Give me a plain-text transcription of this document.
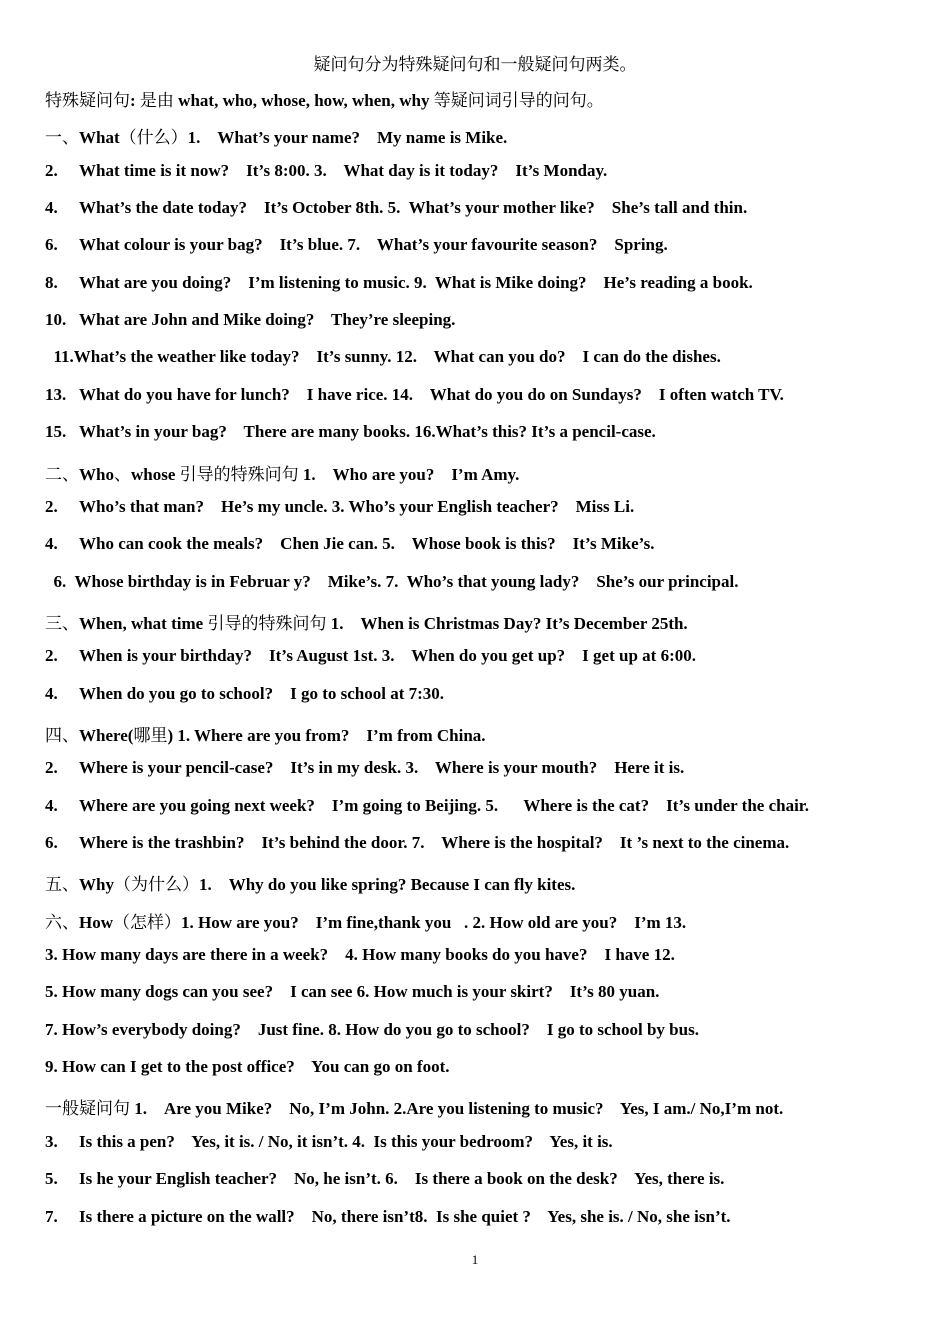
疑问句分为特殊疑问句和一般疑问句两类。
特殊疑问句: 是由 what, who, whose, how, when, why 等疑问词引导的问句。
一、What（什么）1.    What’s your name?    My name is Mike.
2. What time is it now?    It’s 8:00. 3.    What day is it today?    It’s Monday.
4. What’s the date today?    It’s October 8th. 5.  What’s your mother like?    She’s tall and thin.
6. What colour is your bag?    It’s blue. 7.    What’s your favourite season?    Spring.
8. What are you doing?    I’m listening to music. 9.  What is Mike doing?    He’s reading a book.
10. What are John and Mike doing?    They’re sleeping.
11.What’s the weather like today?    It’s sunny. 12.    What can you do?    I can do the dishes.
13. What do you have for lunch?    I have rice. 14.    What do you do on Sundays?    I often watch TV.
15. What’s in your bag?    There are many books. 16.What’s this? It’s a pencil-case.
二、Who、whose 引导的特殊问句 1.    Who are you?    I’m Amy.
2. Who’s that man?    He’s my uncle. 3. Who’s your English teacher?    Miss Li.
4. Who can cook the meals?    Chen Jie can. 5.    Whose book is this?    It’s Mike’s.
6.  Whose birthday is in Februar y?    Mike’s. 7.  Who’s that young lady?    She’s our principal.
三、When, what time 引导的特殊问句 1.    When is Christmas Day? It’s December 25th.
2. When is your birthday?    It’s August 1st. 3.    When do you get up?    I get up at 6:00.
4. When do you go to school?    I go to school at 7:30.
四、Where(哪里) 1. Where are you from?    I’m from China.
2. Where is your pencil-case?    It’s in my desk. 3.    Where is your mouth?    Here it is.
4. Where are you going next week?    I’m going to Beijing. 5.      Where is the cat?    It’s under the chair.
6. Where is the trashbin?    It’s behind the door. 7.    Where is the hospital?    It ’s next to the cinema.
五、Why（为什么）1.    Why do you like spring? Because I can fly kites.
六、How（怎样）1. How are you?    I’m fine,thank you   . 2. How old are you?    I’m 13.
3. How many days are there in a week?    4. How many books do you have?    I have 12.
5. How many dogs can you see?    I can see 6. How much is your skirt?    It’s 80 yuan.
7. How’s everybody doing?    Just fine. 8. How do you go to school?    I go to school by bus.
9. How can I get to the post office?    You can go on foot.
一般疑问句 1.    Are you Mike?    No, I’m John. 2.Are you listening to music?    Yes, I am./ No,I’m not.
3. Is this a pen?    Yes, it is. / No, it isn’t. 4.  Is this your bedroom?    Yes, it is.
5. Is he your English teacher?    No, he isn’t. 6.    Is there a book on the desk?    Yes, there is.
7. Is there a picture on the wall?    No, there isn’t8.  Is she quiet ?    Yes, she is. / No, she isn’t.
1
